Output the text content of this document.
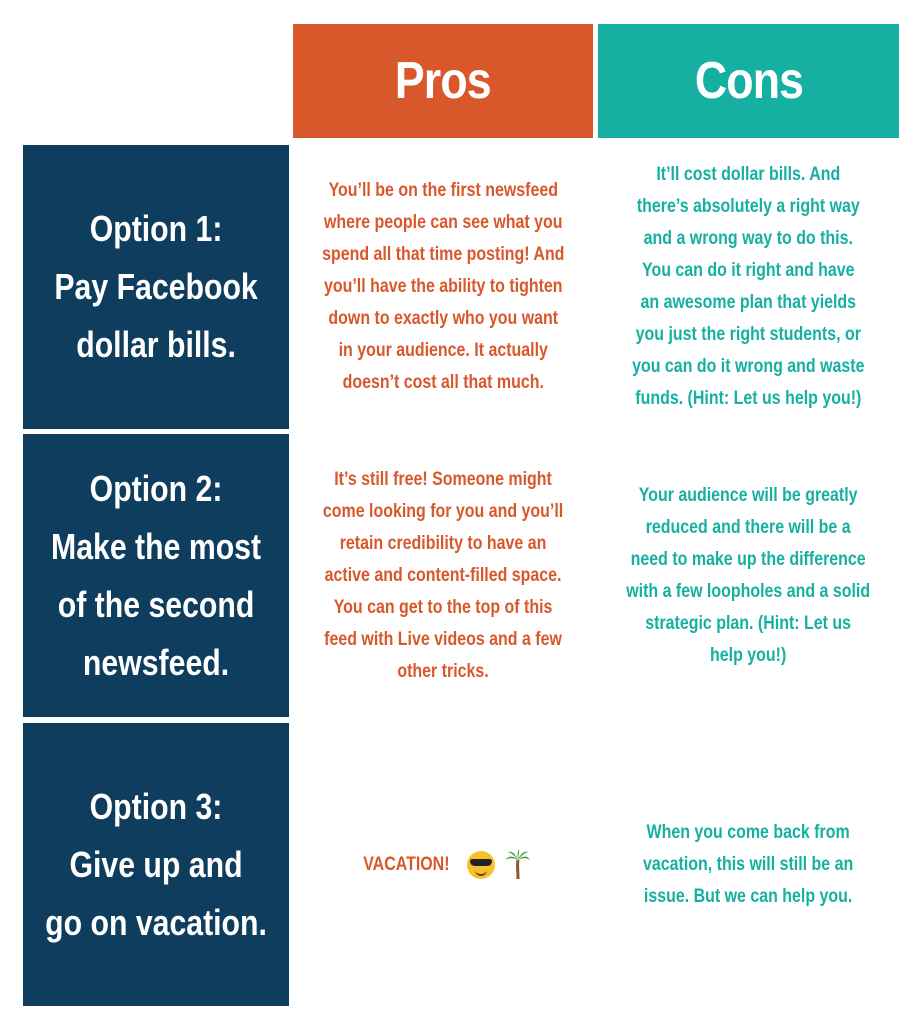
Pros	Cons
Option 1:
Pay Facebook
dollar bills.
You’ll be on the first newsfeed
where people can see what you
spend all that time posting! And
you’ll have the ability to tighten
down to exactly who you want
in your audience. It actually
doesn’t cost all that much.
It’ll cost dollar bills. And
there’s absolutely a right way
and a wrong way to do this.
You can do it right and have
an awesome plan that yields
you just the right students, or
you can do it wrong and waste
funds. (Hint: Let us help you!)
Option 2:
Make the most
of the second
newsfeed.
It’s still free! Someone might
come looking for you and you’ll
retain credibility to have an
active and content-filled space.
You can get to the top of this
feed with Live videos and a few
other tricks.
Your audience will be greatly
reduced and there will be a
need to make up the difference
with a few loopholes and a solid
strategic plan. (Hint: Let us
help you!)
Option 3:
Give up and
go on vacation.
VACATION!
When you come back from
vacation, this will still be an
issue. But we can help you.
